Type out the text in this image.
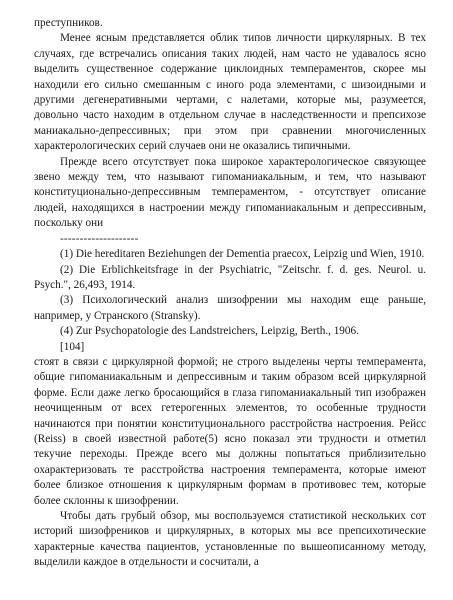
преступников.

Менее ясным представляется облик типов личности циркулярных. В тех случаях, где встречались описания таких людей, нам часто не удавалось ясно выделить существенное содержание циклоидных темпераментов, скорее мы находили его сильно смешанным с иного рода элементами, с шизоидными и другими дегенеративными чертами, с налетами, которые мы, разумеется, довольно часто находим в отдельном случае в наследственности и препсихозе маниакально-депрессивных; при этом при сравнении многочисленных характерологических серий случаев они не оказались типичными.

Прежде всего отсутствует пока широкое характерологическое связующее звено между тем, что называют гипоманиакальным, и тем, что называют конституционально-депрессивным темпераментом, - отсутствует описание людей, находящихся в настроении между гипоманиакальным и депрессивным, поскольку они

--------------------

(1) Die hereditaren Beziehungen der Dementia praecox, Leipzig und Wien, 1910.

(2) Die Erblichkeitsfrage in der Psychiatric, "Zeitschr. f. d. ges. Neurol. u. Psych.", 26,493, 1914.

(3) Психологический анализ шизофрении мы находим еще раньше, например, у Странского (Stransky).

(4) Zur Psychopatologie des Landstreichers, Leipzig, Berth., 1906.

[104]

стоят в связи с циркулярной формой; не строго выделены черты темперамента, общие гипоманиакальным и депрессивным и таким образом всей циркулярной форме. Если даже легко бросающийся в глаза гипоманиакальный тип изображен неочищенным от всех гетерогенных элементов, то особенные трудности начинаются при понятии конституционального расстройства настроения. Рейсс (Reiss) в своей известной работе(5) ясно показал эти трудности и отметил текучие переходы. Прежде всего мы должны попытаться приблизительно охарактеризовать те расстройства настроения темперамента, которые имеют более близкое отношения к циркулярным формам в противовес тем, которые более склонны к шизофрении.

Чтобы дать грубый обзор, мы воспользуемся статистикой нескольких сот историй шизофреников и циркулярных, в которых мы все препсихотические характерные качества пациентов, установленные по вышеописанному методу, выделили каждое в отдельности и сосчитали, а
